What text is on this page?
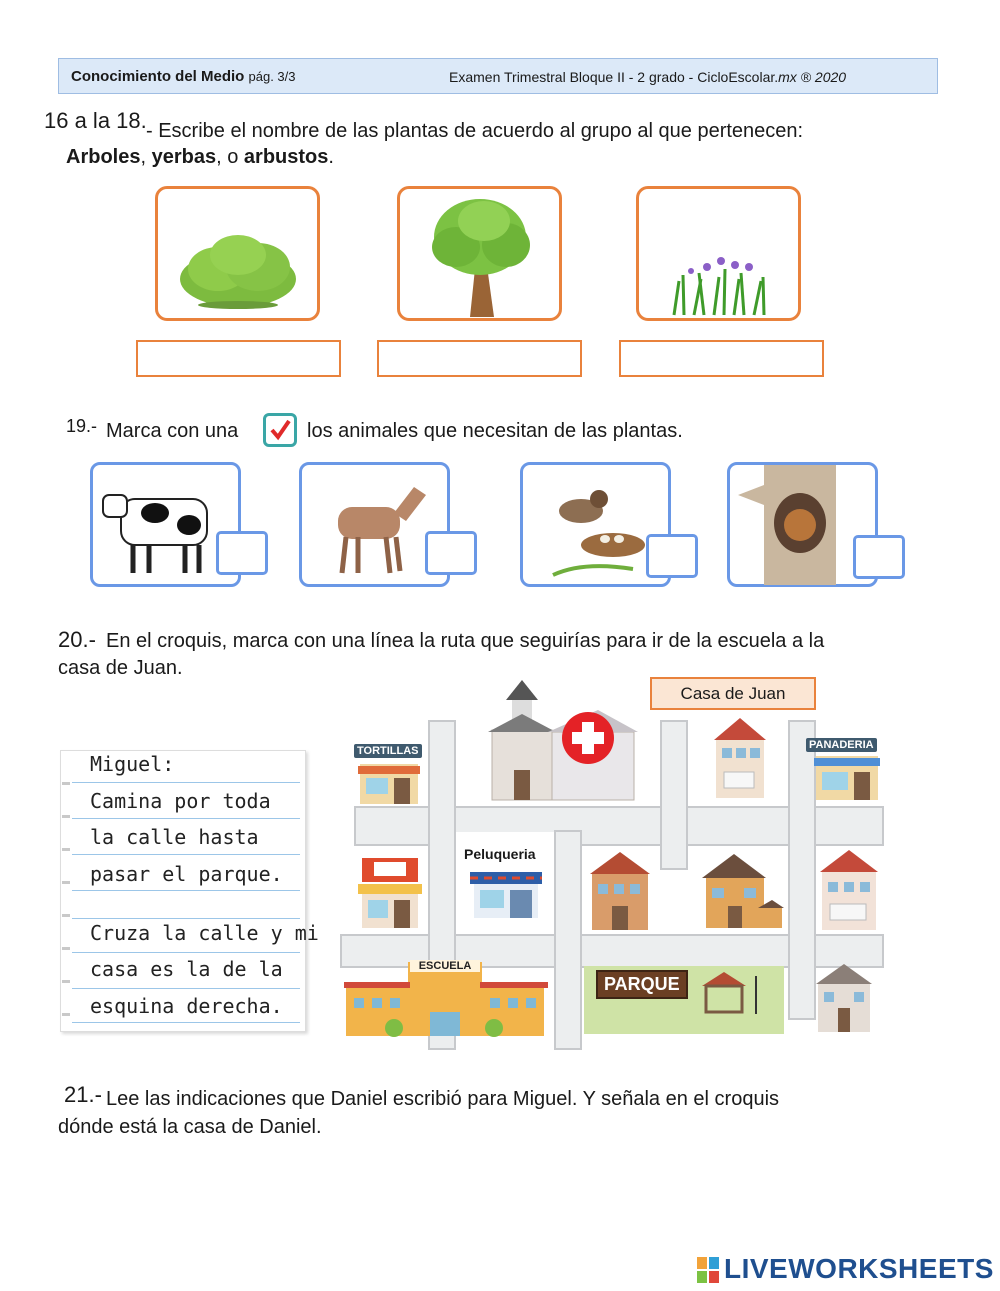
Conocimiento del Medio pág. 3/3	Examen Trimestral Bloque II - 2 grado - CicloEscolar.mx ® 2020
16 a la 18. - Escribe el nombre de las plantas de acuerdo al grupo al que pertenecen:
Arboles, yerbas, o arbustos.
19.- Marca con una	los animales que necesitan de las plantas.
20.- En el croquis, marca con una línea la ruta que seguirías para ir de la escuela a la
casa de Juan.
Casa de Juan
TORTILLAS	PANADERIA
Peluqueria
ESCUELA
PARQUE
Miguel:
Camina por toda
la calle hasta
pasar el parque.
Cruza la calle y mi
casa es la de la
esquina derecha.
21.- Lee las indicaciones que Daniel escribió para Miguel. Y señala en el croquis
dónde está la casa de Daniel.
LIVEWORKSHEETS
